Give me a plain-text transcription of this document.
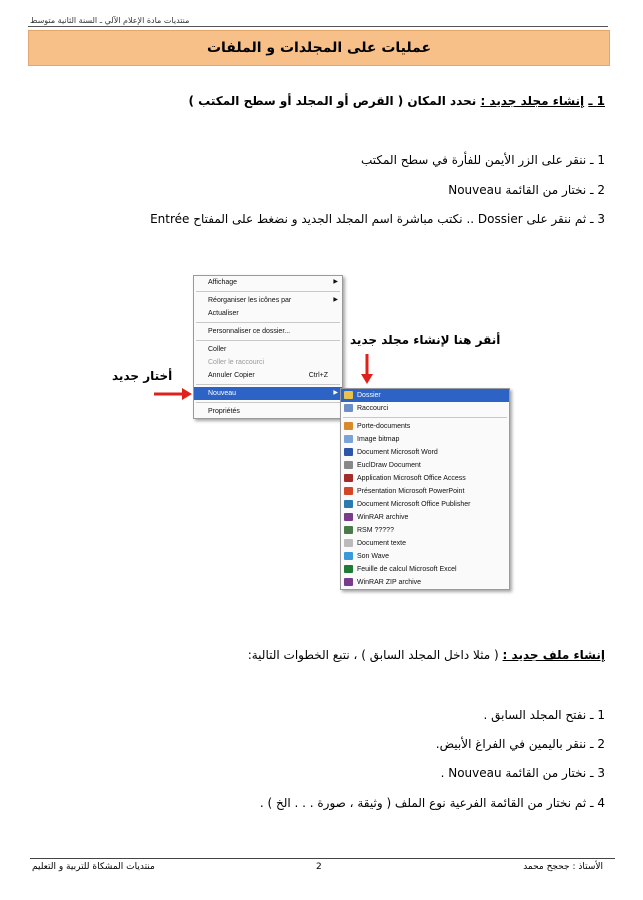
منتديات مادة الإعلام الآلي ـ السنة الثانية متوسط
عمليات على المجلدات و الملفات
1 ـ إنشاء مجلد جديد : نحدد المكان ( القرص أو المجلد أو سطح المكتب )
1 ـ ننقر على الزر الأيمن للفأرة في سطح المكتب
2 ـ نختار من القائمة Nouveau
3 ـ ثم ننقر على Dossier .. نكتب مباشرة اسم المجلد الجديد و نضغط على المفتاح Entrée
Affichage	▶
Réorganiser les icônes par	▶
Actualiser
Personnaliser ce dossier...
Coller
Coller le raccourci
Annuler Copier	Ctrl+Z
Nouveau	▶
Propriétés
Dossier
Raccourci
Porte-documents
Image bitmap
Document Microsoft Word
EuclDraw Document
Application Microsoft Office Access
Présentation Microsoft PowerPoint
Document Microsoft Office Publisher
WinRAR archive
RSM ?????
Document texte
Son Wave
Feuille de calcul Microsoft Excel
WinRAR ZIP archive
أختار جديد
أنقر هنا لإنشاء مجلد جديد
إنشاء ملف جديد : ( مثلا داخل المجلد السابق ) ، نتبع الخطوات التالية:
1 ـ نفتح المجلد السابق .
2 ـ ننقر باليمين في الفراغ الأبيض.
3 ـ نختار من القائمة Nouveau .
4 ـ ثم نختار من القائمة الفرعية نوع الملف ( وثيقة ، صورة . . . الخ ) .
الأستاذ : جحجح محمد
2
منتديات المشكاة للتربية و التعليم
